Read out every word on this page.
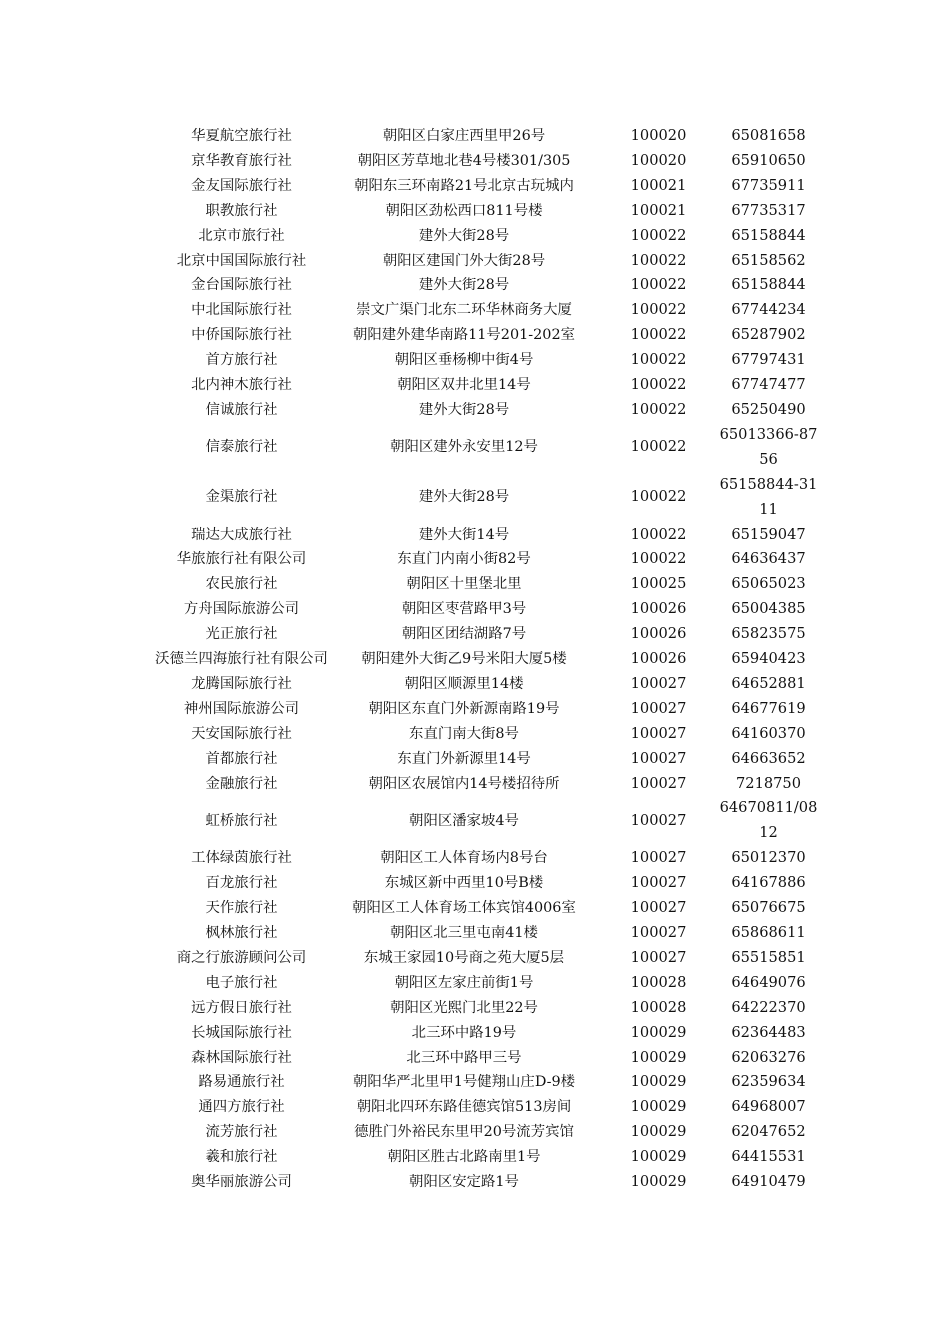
华夏航空旅行社	朝阳区白家庄西里甲26号	100020	65081658
京华教育旅行社	朝阳区芳草地北巷4号楼301/305	100020	65910650
金友国际旅行社	朝阳东三环南路21号北京古玩城内	100021	67735911
职教旅行社	朝阳区劲松西口811号楼	100021	67735317
北京市旅行社	建外大街28号	100022	65158844
北京中国国际旅行社	朝阳区建国门外大街28号	100022	65158562
金台国际旅行社	建外大街28号	100022	65158844
中北国际旅行社	崇文广渠门北东二环华林商务大厦	100022	67744234
中侨国际旅行社	朝阳建外建华南路11号201-202室	100022	65287902
首方旅行社	朝阳区垂杨柳中街4号	100022	67797431
北内神木旅行社	朝阳区双井北里14号	100022	67747477
信诚旅行社	建外大街28号	100022	65250490
信泰旅行社	朝阳区建外永安里12号	100022	65013366-8756
金渠旅行社	建外大街28号	100022	65158844-3111
瑞达大成旅行社	建外大街14号	100022	65159047
华旅旅行社有限公司	东直门内南小街82号	100022	64636437
农民旅行社	朝阳区十里堡北里	100025	65065023
方舟国际旅游公司	朝阳区枣营路甲3号	100026	65004385
光正旅行社	朝阳区团结湖路7号	100026	65823575
沃德兰四海旅行社有限公司	朝阳建外大街乙9号米阳大厦5楼	100026	65940423
龙腾国际旅行社	朝阳区顺源里14楼	100027	64652881
神州国际旅游公司	朝阳区东直门外新源南路19号	100027	64677619
天安国际旅行社	东直门南大街8号	100027	64160370
首都旅行社	东直门外新源里14号	100027	64663652
金融旅行社	朝阳区农展馆内14号楼招待所	100027	7218750
虹桥旅行社	朝阳区潘家坡4号	100027	64670811/0812
工体绿茵旅行社	朝阳区工人体育场内8号台	100027	65012370
百龙旅行社	东城区新中西里10号B楼	100027	64167886
天作旅行社	朝阳区工人体育场工体宾馆4006室	100027	65076675
枫林旅行社	朝阳区北三里屯南41楼	100027	65868611
商之行旅游顾问公司	东城王家园10号商之苑大厦5层	100027	65515851
电子旅行社	朝阳区左家庄前街1号	100028	64649076
远方假日旅行社	朝阳区光熙门北里22号	100028	64222370
长城国际旅行社	北三环中路19号	100029	62364483
森林国际旅行社	北三环中路甲三号	100029	62063276
路易通旅行社	朝阳华严北里甲1号健翔山庄D-9楼	100029	62359634
通四方旅行社	朝阳北四环东路佳德宾馆513房间	100029	64968007
流芳旅行社	德胜门外裕民东里甲20号流芳宾馆	100029	62047652
羲和旅行社	朝阳区胜古北路南里1号	100029	64415531
奥华丽旅游公司	朝阳区安定路1号	100029	64910479
